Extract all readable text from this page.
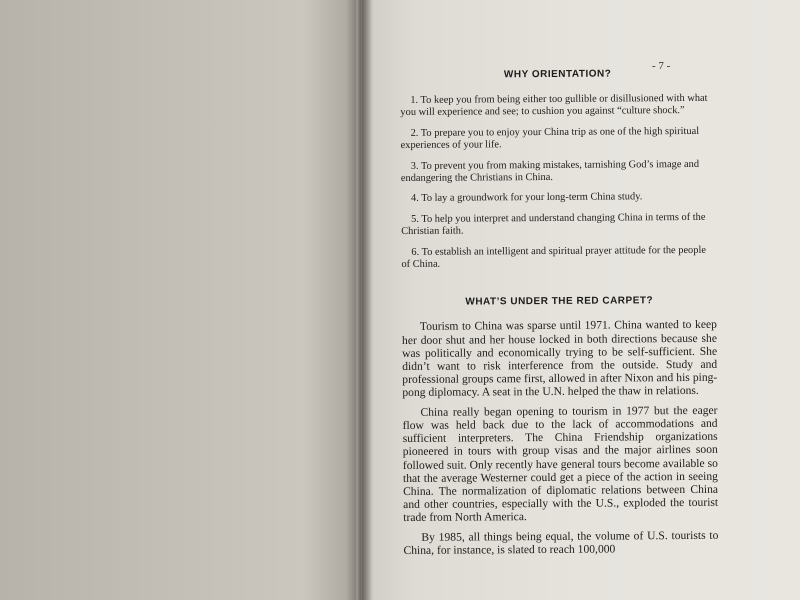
- 7 -
WHY ORIENTATION?
1. To keep you from being either too gullible or disillusioned with what you will experience and see; to cushion you against “culture shock.”
2. To prepare you to enjoy your China trip as one of the high spiritual experiences of your life.
3. To prevent you from making mistakes, tarnishing God’s image and endangering the Christians in China.
4. To lay a groundwork for your long-term China study.
5. To help you interpret and understand changing China in terms of the Christian faith.
6. To establish an intelligent and spiritual prayer attitude for the people of China.
WHAT’S UNDER THE RED CARPET?

Tourism to China was sparse until 1971. China wanted to keep her door shut and her house locked in both directions because she was politically and economically trying to be self-sufficient. She didn’t want to risk interference from the outside. Study and professional groups came first, allowed in after Nixon and his ping-pong diplomacy. A seat in the U.N. helped the thaw in relations.

China really began opening to tourism in 1977 but the eager flow was held back due to the lack of accommodations and sufficient interpreters. The China Friendship organizations pioneered in tours with group visas and the major airlines soon followed suit. Only recently have general tours become available so that the average Westerner could get a piece of the action in seeing China. The normalization of diplomatic relations between China and other countries, especially with the U.S., exploded the tourist trade from North America.

By 1985, all things being equal, the volume of U.S. tourists to China, for instance, is slated to reach 100,000
